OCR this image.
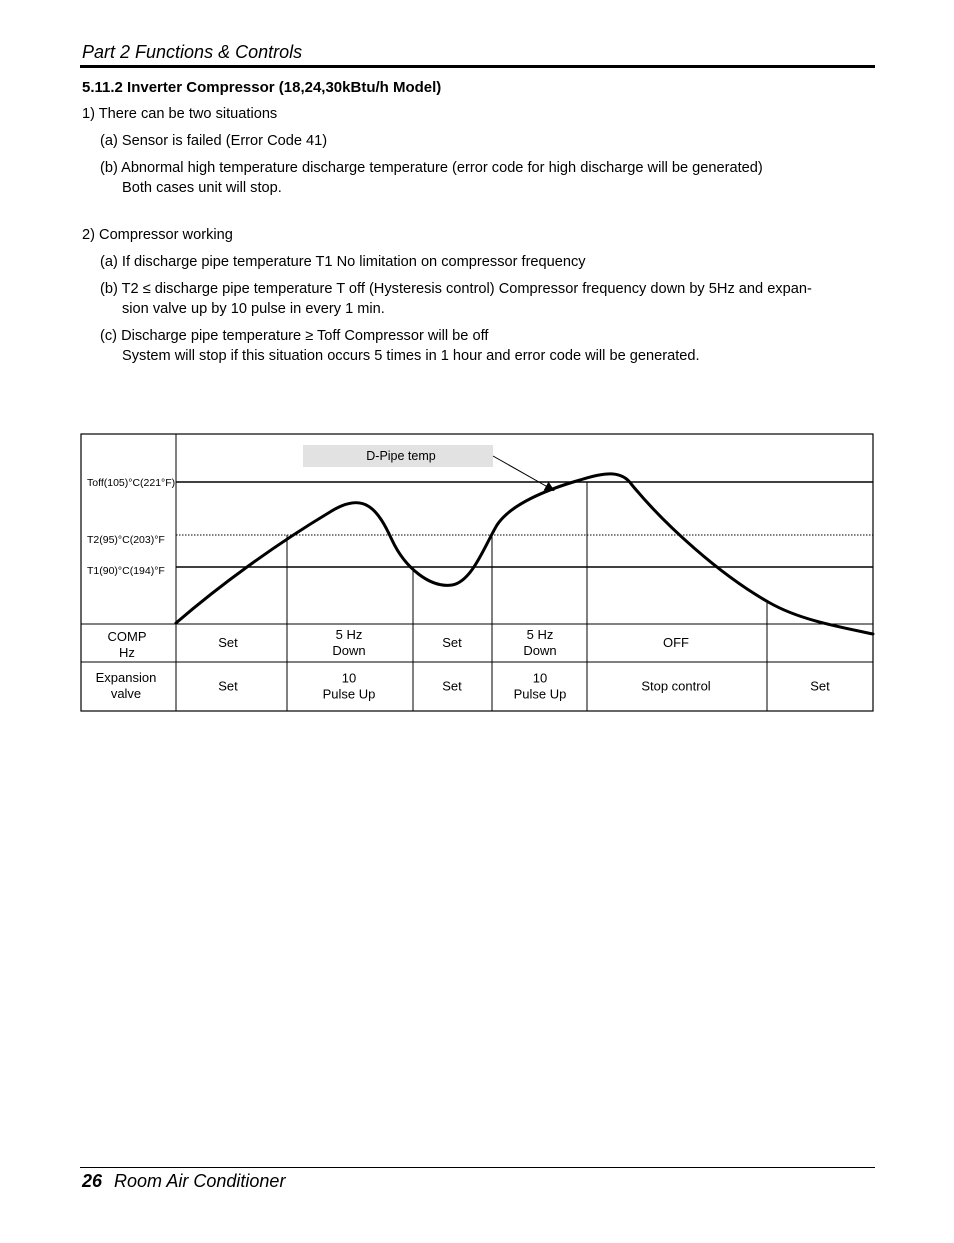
Part 2 Functions & Controls
5.11.2 Inverter Compressor (18,24,30kBtu/h Model)
1) There can be two situations
(a) Sensor is failed (Error Code 41)
(b) Abnormal high temperature discharge temperature (error code for high discharge will be generated)
Both cases unit will stop.
2) Compressor working
(a) If discharge pipe temperature T1 No limitation on compressor frequency
(b) T2 ≤ discharge pipe temperature T off (Hysteresis control) Compressor frequency down by 5Hz and expan-
sion valve up by 10 pulse in every 1 min.
(c) Discharge pipe temperature ≥ Toff Compressor will be off
System will stop if this situation occurs 5 times in 1 hour and error code will be generated.
D-Pipe temp
Toff(105)°C(221°F)
T2(95)°C(203)°F
T1(90)°C(194)°F
COMP
Hz
Expansion
valve
Set
5 Hz
Down
Set
5 Hz
Down
OFF
Set
10
Pulse Up
Set
10
Pulse Up
Stop control	Set
26 Room Air Conditioner
